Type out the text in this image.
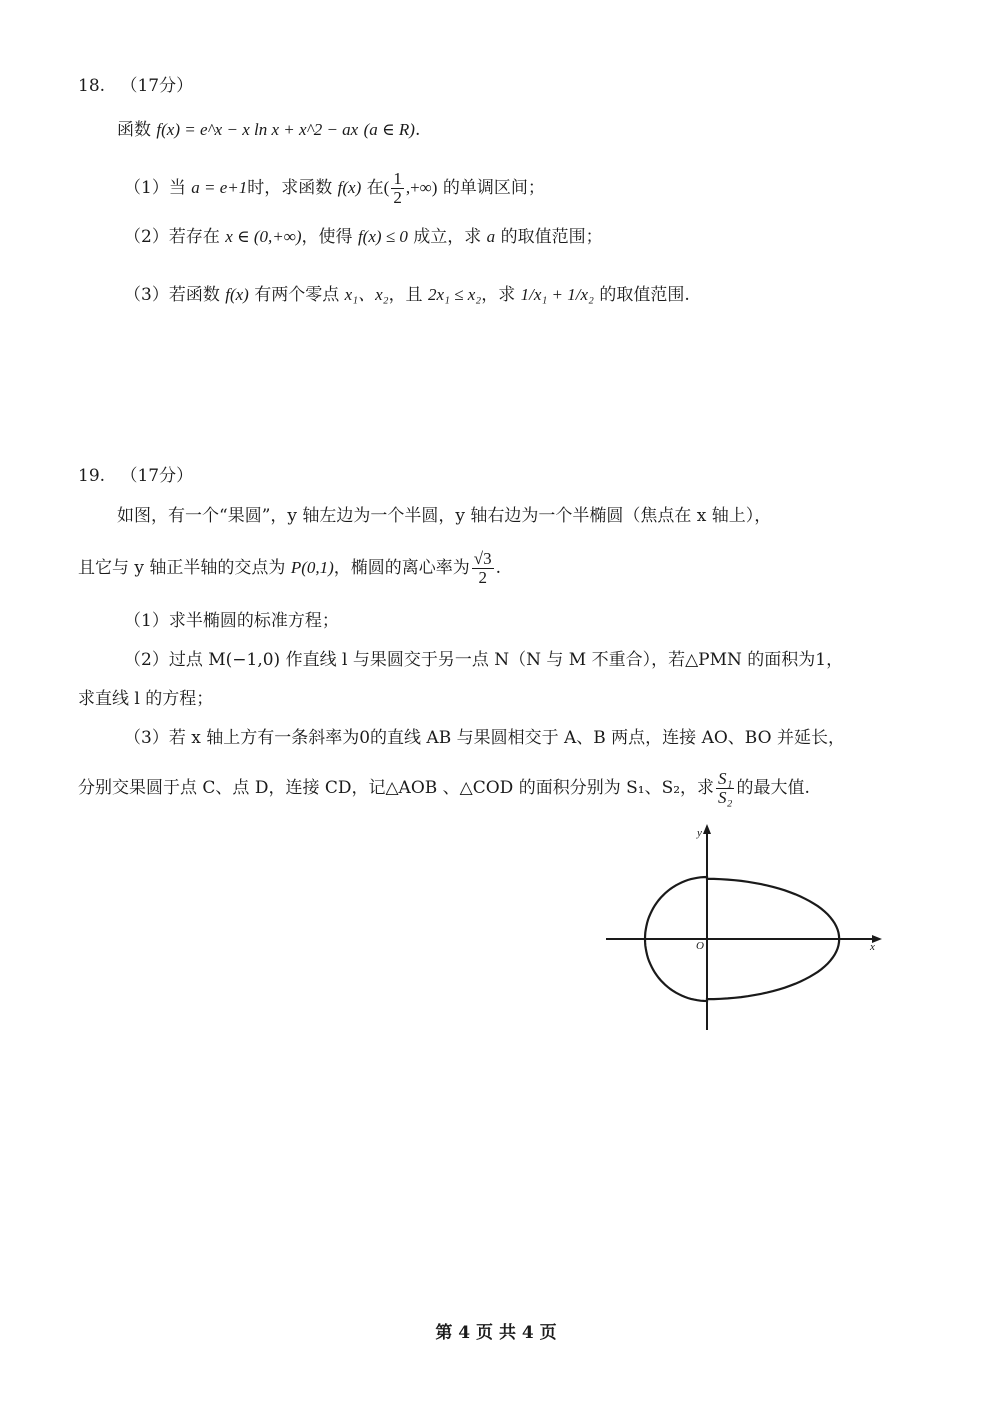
18. （17分）
函数 f(x) = e^x − x ln x + x^2 − ax (a ∈ R).
（1）当 a = e+1时，求函数 f(x) 在( $\frac{1}{2}$ ,+∞) 的单调区间；
（2）若存在 x ∈ (0,+∞)，使得 f(x) ≤ 0 成立，求 a 的取值范围；
（3）若函数 f(x) 有两个零点 x₁、x₂，且 2x₁ ≤ x₂，求 1/x₁ + 1/x₂ 的取值范围.
19. （17分）
如图，有一个“果圆”，y 轴左边为一个半圆，y 轴右边为一个半椭圆（焦点在 x 轴上），
且它与 y 轴正半轴的交点为 P(0,1)，椭圆的离心率为 $\frac{√3}{2}$ .
（1）求半椭圆的标准方程；
（2）过点 M(−1,0) 作直线 l 与果圆交于另一点 N（N 与 M 不重合），若△PMN 的面积为1，
求直线 l 的方程；
（3）若 x 轴上方有一条斜率为0的直线 AB 与果圆相交于 A、B 两点，连接 AO、BO 并延长，
分别交果圆于点 C、点 D，连接 CD，记△AOB 、△COD 的面积分别为 S₁、S₂，求 $\frac{\text{S₁}}{\text{S₂}}$ 的最大值.
x
y
O
第 4 页 共 4 页
